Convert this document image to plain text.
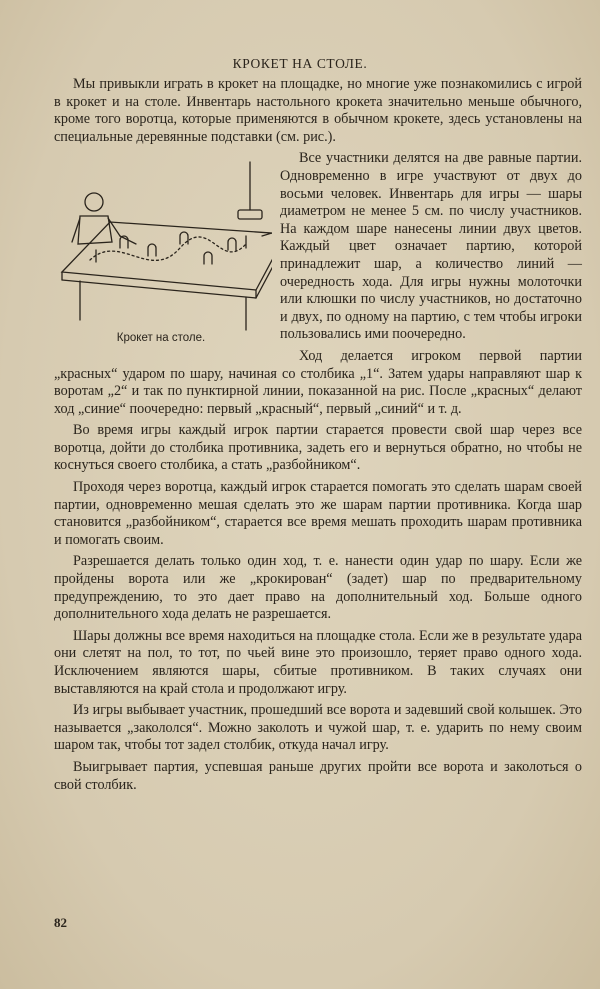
КРОКЕТ НА СТОЛЕ.

Мы привыкли играть в крокет на площадке, но многие уже познакомились с игрой в крокет и на столе. Инвентарь настольного крокета значительно меньше обычного, кроме того воротца, которые применяются в обычном крокете, здесь установлены на специальные деревянные подставки (см. рис.).

Крокет на столе.

Все участники делятся на две равные партии. Одновременно в игре участвуют от двух до восьми человек. Инвентарь для игры — шары диаметром не менее 5 см. по числу участников. На каждом шаре нанесены линии двух цветов. Каждый цвет означает партию, которой принадлежит шар, а количество линий — очередность хода. Для игры нужны молоточки или клюшки по числу участников, но достаточно и двух, по одному на партию, с тем чтобы игроки пользовались ими поочередно.

Ход делается игроком первой партии „красных“ ударом по шару, начиная со столбика „1“. Затем удары направляют шар к воротам „2“ и так по пунктирной линии, показанной на рис. После „красных“ делают ход „синие“ поочередно: первый „красный“, первый „синий“ и т. д.

Во время игры каждый игрок партии старается провести свой шар через все воротца, дойти до столбика противника, задеть его и вернуться обратно, но чтобы не коснуться своего столбика, а стать „разбойником“.

Проходя через воротца, каждый игрок старается помогать это сделать шарам своей партии, одновременно мешая сделать это же шарам партии противника. Когда шар становится „разбойником“, старается все время мешать проходить шарам противника и помогать своим.

Разрешается делать только один ход, т. е. нанести один удар по шару. Если же пройдены ворота или же „крокирован“ (задет) шар по предварительному предупреждению, то это дает право на дополнительный ход. Больше одного дополнительного хода делать не разрешается.

Шары должны все время находиться на площадке стола. Если же в результате удара они слетят на пол, то тот, по чьей вине это произошло, теряет право одного хода. Исключением являются шары, сбитые противником. В таких случаях они выставляются на край стола и продолжают игру.

Из игры выбывает участник, прошедший все ворота и задевший свой колышек. Это называется „закололся“. Можно заколоть и чужой шар, т. е. ударить по нему своим шаром так, чтобы тот задел столбик, откуда начал игру.

Выигрывает партия, успевшая раньше других пройти все ворота и заколоться о свой столбик.

82
